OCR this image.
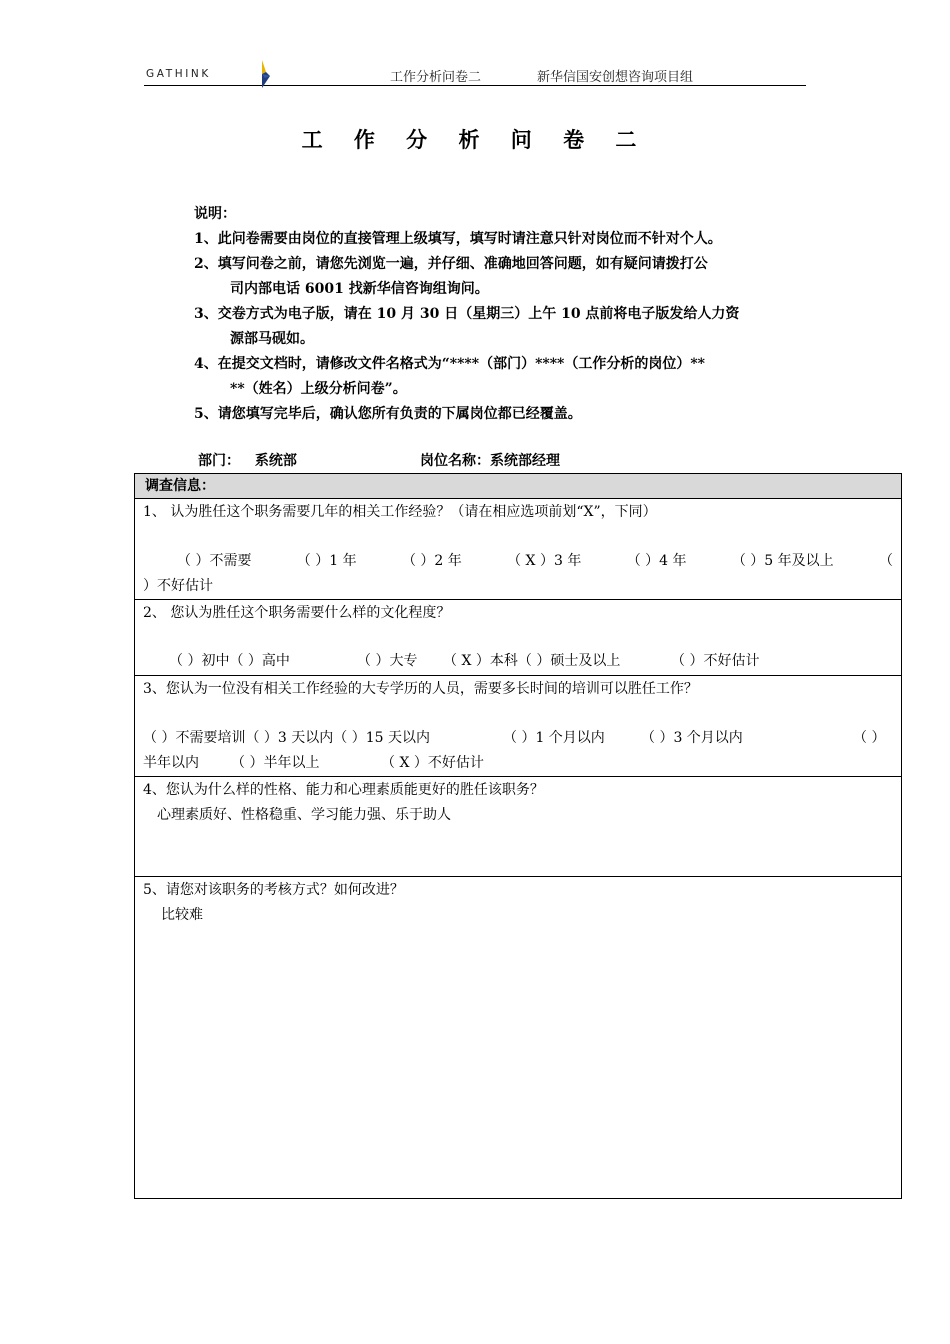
GATHINK	工作分析问卷二	新华信国安创想咨询项目组
工 作 分 析 问 卷 二

说明：

1、此问卷需要由岗位的直接管理上级填写，填写时请注意只针对岗位而不针对个人。

2、填写问卷之前，请您先浏览一遍，并仔细、准确地回答问题，如有疑问请拨打公

司内部电话 6001 找新华信咨询组询问。

3、交卷方式为电子版，请在 10 月 30 日（星期三）上午 10 点前将电子版发给人力资

源部马砚如。

4、在提交文档时，请修改文件名格式为“****（部门）****（工作分析的岗位）**

**（姓名）上级分析问卷”。

5、请您填写完毕后，确认您所有负责的下属岗位都已经覆盖。

部门： 系统部	岗位名称：系统部经理
调查信息：
1、 认为胜任这个职务需要几年的相关工作经验？（请在相应选项前划“X”，下同）
（ ）不需要	（ ）1 年	（ ）2 年	（ X ）3 年	（ ）4 年	（ ）5 年及以上	（
）不好估计
2、 您认为胜任这个职务需要什么样的文化程度？
（ ）初中（ ）高中	（ ）大专 （ X ）本科（ ）硕士及以上	（ ）不好估计
3、您认为一位没有相关工作经验的大专学历的人员，需要多长时间的培训可以胜任工作？
（ ）不需要培训（ ）3 天以内（ ）15 天以内	（ ）1 个月以内	（ ）3 个月以内	（ ）
半年以内 （ ）半年以上	（ X ）不好估计
4、您认为什么样的性格、能力和心理素质能更好的胜任该职务？
心理素质好、性格稳重、学习能力强、乐于助人
5、请您对该职务的考核方式？如何改进？
比较难
